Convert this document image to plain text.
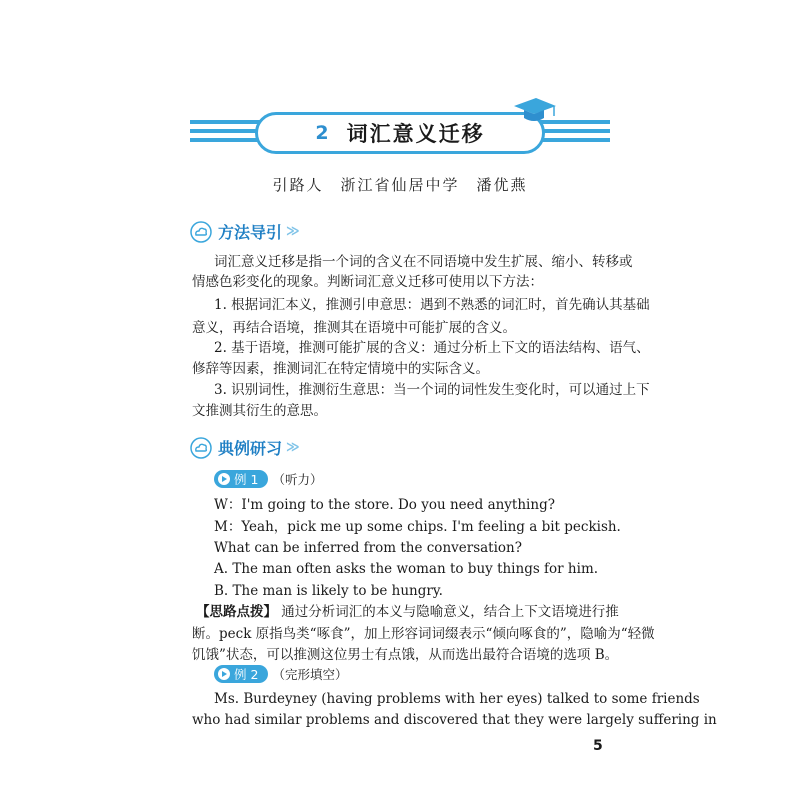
2 词汇意义迁移
引路人　浙江省仙居中学　潘优燕
方法导引 ≫
词汇意义迁移是指一个词的含义在不同语境中发生扩展、缩小、转移或
情感色彩变化的现象。判断词汇意义迁移可使用以下方法：
1. 根据词汇本义，推测引申意思：遇到不熟悉的词汇时，首先确认其基础
意义，再结合语境，推测其在语境中可能扩展的含义。
2. 基于语境，推测可能扩展的含义：通过分析上下文的语法结构、语气、
修辞等因素，推测词汇在特定情境中的实际含义。
3. 识别词性，推测衍生意思：当一个词的词性发生变化时，可以通过上下
文推测其衍生的意思。
典例研习 ≫
例 1 （听力）
W：I'm going to the store. Do you need anything?
M：Yeah，pick me up some chips. I'm feeling a bit peckish.
What can be inferred from the conversation?
A. The man often asks the woman to buy things for him.
B. The man is likely to be hungry.
【思路点拨】 通过分析词汇的本义与隐喻意义，结合上下文语境进行推
断。peck 原指鸟类“啄食”，加上形容词词缀表示“倾向啄食的”，隐喻为“轻微
饥饿”状态，可以推测这位男士有点饿，从而选出最符合语境的选项 B。
例 2 （完形填空）
Ms. Burdeyney (having problems with her eyes) talked to some friends
who had similar problems and discovered that they were largely suffering in
5
